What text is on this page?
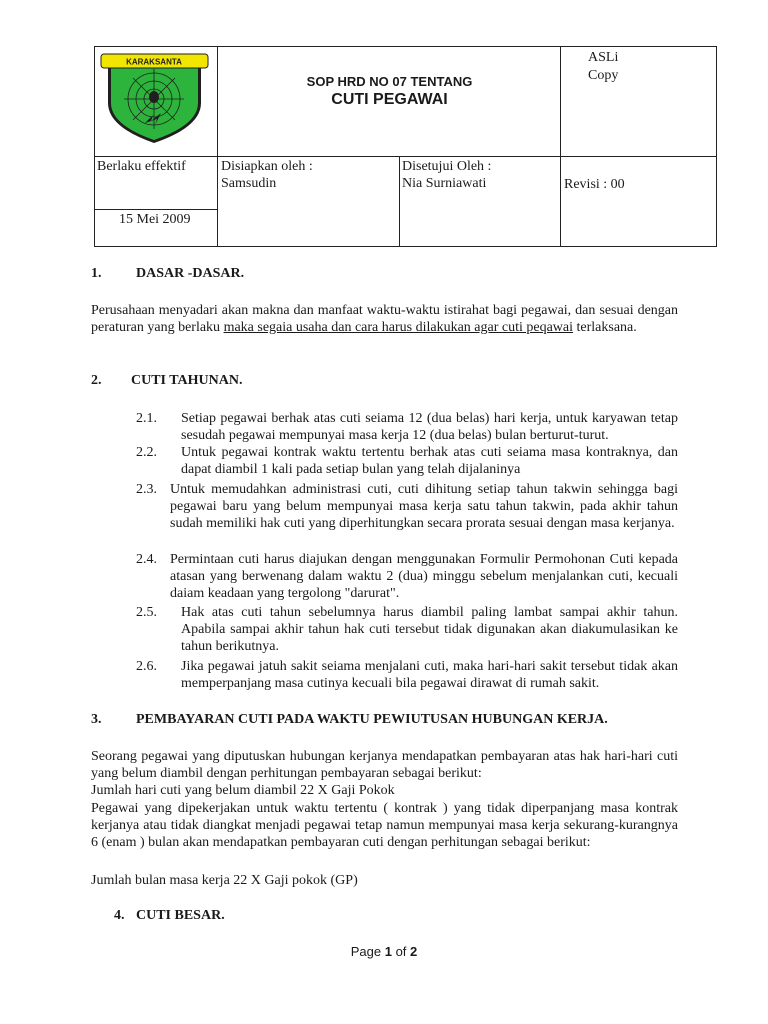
KARAKSANTA
SOP HRD NO 07 TENTANG
CUTI PEGAWAI
ASLi
Copy
Berlaku effektif
15 Mei 2009
Disiapkan oleh :
Samsudin
Disetujui Oleh :
Nia Surniawati	Revisi : 00
1. DASAR -DASAR.

Perusahaan menyadari akan makna dan manfaat waktu-waktu istirahat bagi pegawai, dan sesuai dengan peraturan yang berlaku maka segaia usaha dan cara harus dilakukan agar cuti peqawai terlaksana.

2. CUTI TAHUNAN.
2.1. Setiap pegawai berhak atas cuti seiama 12 (dua belas) hari kerja, untuk karyawan tetap sesudah pegawai mempunyai masa kerja 12 (dua belas) bulan berturut-turut.

2.2. Untuk pegawai kontrak waktu tertentu berhak atas cuti seiama masa kontraknya, dan dapat diambil 1 kali pada setiap bulan yang telah dijalaninya

2.3. Untuk memudahkan administrasi cuti, cuti dihitung setiap tahun takwin sehingga bagi pegawai baru yang belum mempunyai masa kerja satu tahun takwin, pada akhir tahun sudah memiliki hak cuti yang diperhitungkan secara prorata sesuai dengan masa kerjanya.

2.4. Permintaan cuti harus diajukan dengan menggunakan Formulir Permohonan Cuti kepada atasan yang berwenang dalam waktu 2 (dua) minggu sebelum menjalankan cuti, kecuali daiam keadaan yang tergolong "darurat".

2.5. Hak atas cuti tahun sebelumnya harus diambil paling lambat sampai akhir tahun. Apabila sampai akhir tahun hak cuti tersebut tidak digunakan akan diakumulasikan ke tahun berikutnya.

2.6. Jika pegawai jatuh sakit seiama menjalani cuti, maka hari-hari sakit tersebut tidak akan memperpanjang masa cutinya kecuali bila pegawai dirawat di rumah sakit.

3. PEMBAYARAN CUTI PADA WAKTU PEWIUTUSAN HUBUNGAN KERJA.

Seorang pegawai yang diputuskan hubungan kerjanya mendapatkan pembayaran atas hak hari-hari cuti yang belum diambil dengan perhitungan pembayaran sebagai berikut:

Jumlah hari cuti yang belum diambil 22 X Gaji Pokok

Pegawai yang dipekerjakan untuk waktu tertentu ( kontrak ) yang tidak diperpanjang masa kontrak kerjanya atau tidak diangkat menjadi pegawai tetap namun mempunyai masa kerja sekurang-kurangnya 6 (enam ) bulan akan mendapatkan pembayaran cuti dengan perhitungan sebagai berikut:

Jumlah bulan masa kerja 22 X Gaji pokok (GP)

4. CUTI BESAR.
Page 1 of 2
